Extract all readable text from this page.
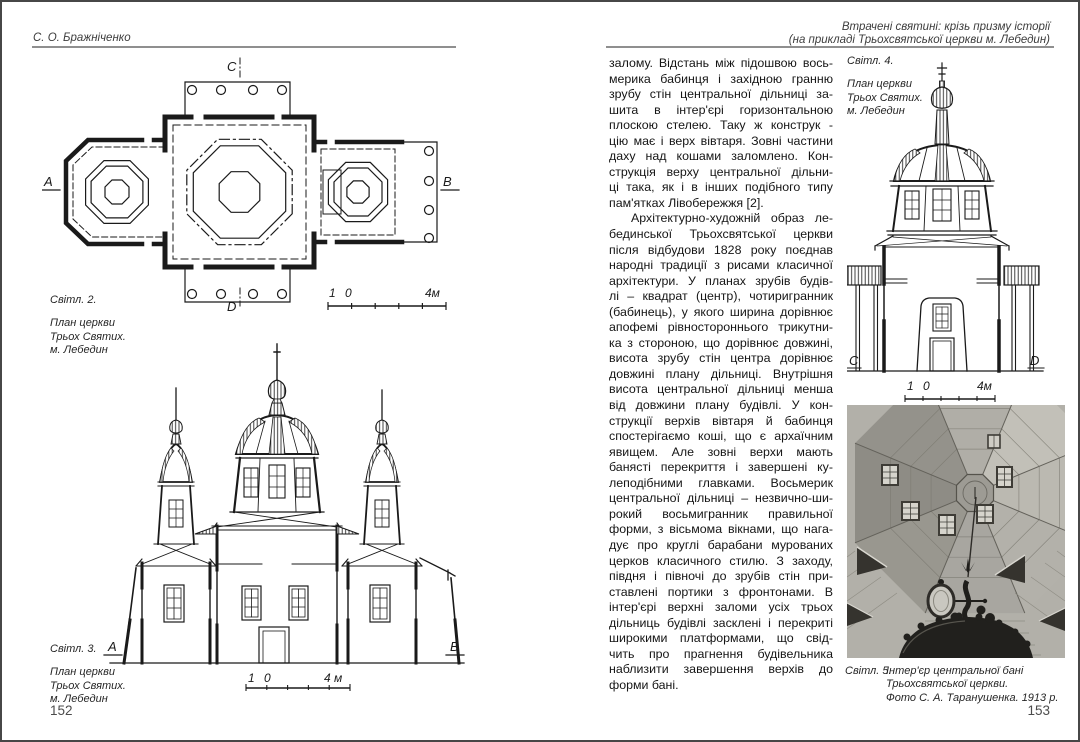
С. О. Бражніченко
C
D
A	B
1 0	4м
Світл. 2.
План церкви
Трьох Святих.
м. Лебедин
A	B
1 0	4 м
Світл. 3.
План церкви
Трьох Святих.
м. Лебедин
152
Втрачені святині: крізь призму історії
(на прикладі Трьохсвятської церкви м. Лебедин)
залому. Відстань між підошвою вось-
мерика бабинця і західною гранню
зрубу стін центральної дільниці за-
шита в інтер'єрі горизонтальною
плоскою стелею. Таку ж конструк -
цію має і верх вівтаря. Зовні частини
даху над кошами заломлено. Кон-
струкція верху центральної дільни-
ці така, як і в інших подібного типу
пам'ятках Лівобережжя [2].
Архітектурно-художній образ ле-
бединської Трьохсвятської церкви
після відбудови 1828 року поєднав
народні традиції з рисами класичної
архітектури. У планах зрубів будів-
лі – квадрат (центр), чотиригранник
(бабинець), у якого ширина дорівнює
апофемі рівностороннього трикутни-
ка з стороною, що дорівнює довжині,
висота зрубу стін центра дорівнює
довжині плану дільниці. Внутрішня
висота центральної дільниці менша
від довжини плану будівлі. У кон-
струкції верхів вівтаря й бабинця
спостерігаємо коші, що є архаїчним
явищем. Але зовні верхи мають
банясті перекриття і завершені ку-
леподібними главками. Восьмерик
центральної дільниці – незвично-ши-
рокий восьмигранник правильної
форми, з вісьмома вікнами, що нага-
дує про круглі барабани мурованих
церков класичного стилю. З заходу,
півдня і півночі до зрубів стін при-
ставлені портики з фронтонами. В
інтер'єрі верхні заломи усіх трьох
дільниць будівлі засклені і перекриті
широкими платформами, що свід-
чить про прагнення будівельника
наблизити завершення верхів до
форми бані.
C	D
1 0	4м
Світл. 4.
План церкви
Трьох Святих.
м. Лебедин
Світл. 5.
Інтер'єр центральної бані
Трьохсвятської церкви.
Фото С. А. Таранушенка. 1913 р.
153
